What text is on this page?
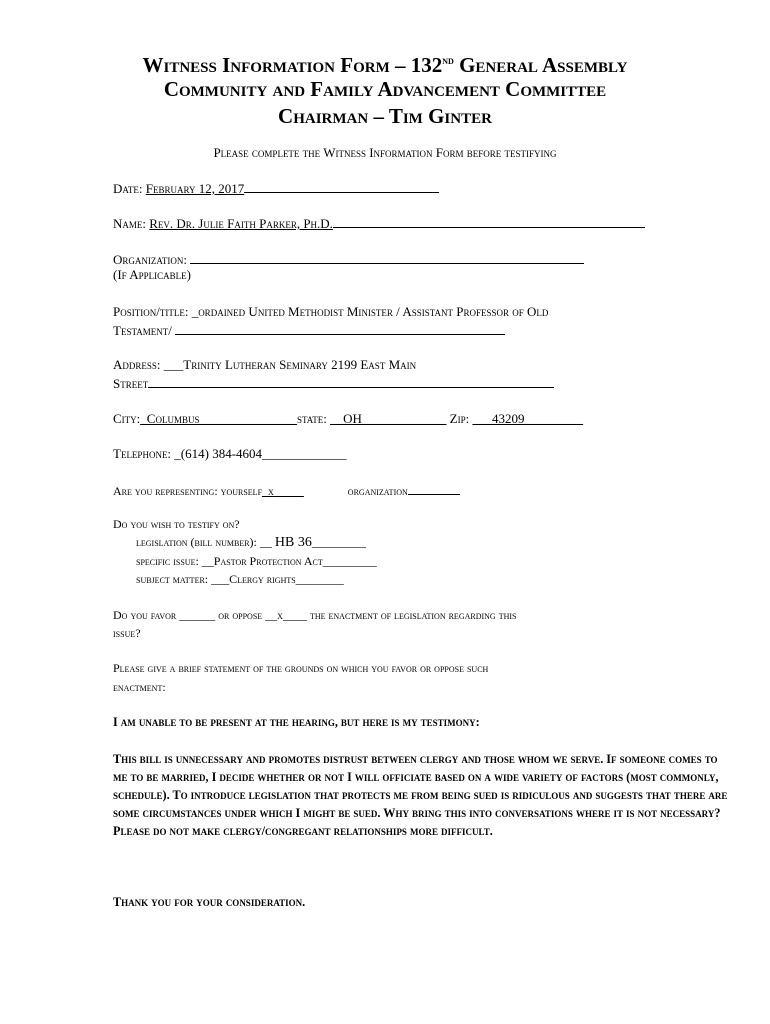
Witness Information Form – 132nd General Assembly
Community and Family Advancement Committee
Chairman – Tim Ginter
Please complete the Witness Information Form before testifying
Date: February 12, 2017
Name: Rev. Dr. Julie Faith Parker, Ph.D.
Organization:
(If Applicable)
Position/title: _ordained United Methodist Minister / Assistant Professor of Old
Testament/
Address: ___Trinity Lutheran Seminary 2199 East Main
Street
City:_Columbus_______________state: __OH_____________ Zip: ___43209_________
Telephone: _(614) 384-4604_____________
Are you representing: yourself_x_____	organization
Do you wish to testify on?
legislation (bill number): __ HB 36_________
specific issue: __Pastor Protection Act_________
subject matter: ___Clergy rights________
Do you favor ______ or oppose __x____ the enactment of legislation regarding this
issue?
Please give a brief statement of the grounds on which you favor or oppose such
enactment:
I am unable to be present at the hearing, but here is my testimony:
This bill is unnecessary and promotes distrust between clergy and those whom we serve. If someone comes to me to be married, I decide whether or not I will officiate based on a wide variety of factors (most commonly, schedule). To introduce legislation that protects me from being sued is ridiculous and suggests that there are some circumstances under which I might be sued. Why bring this into conversations where it is not necessary? Please do not make clergy/congregant relationships more difficult.
Thank you for your consideration.
